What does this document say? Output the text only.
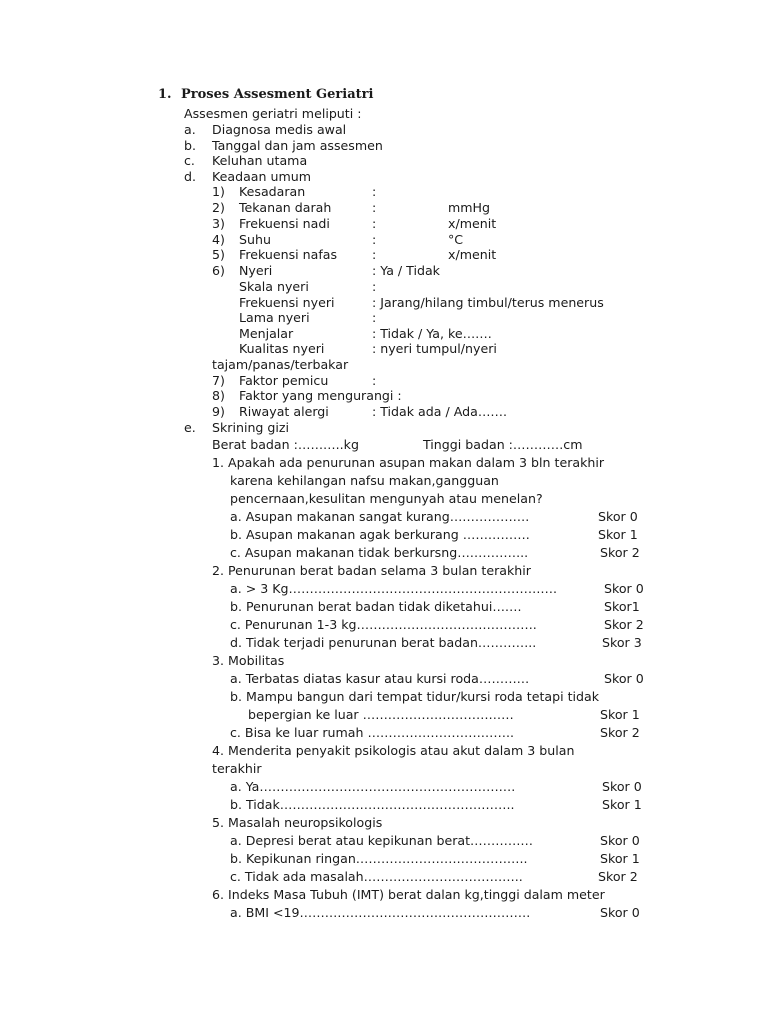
1. Proses Assesment Geriatri
Assesmen geriatri meliputi :
a. Diagnosa medis awal
b. Tanggal dan jam assesmen
c. Keluhan utama
d. Keadaan umum
1) Kesadaran	:
2) Tekanan darah	:	mmHg
3) Frekuensi nadi	:	x/menit
4) Suhu	:	°C
5) Frekuensi nafas	:	x/menit
6) Nyeri	: Ya / Tidak
Skala nyeri	:
Frekuensi nyeri	: Jarang/hilang timbul/terus menerus
Lama nyeri	:
Menjalar	: Tidak / Ya, ke…….
Kualitas nyeri	: nyeri tumpul/nyeri
tajam/panas/terbakar
7) Faktor pemicu	:
8) Faktor yang mengurangi :
9) Riwayat alergi	: Tidak ada / Ada…….
e. Skrining gizi
Berat badan :………..kg	Tinggi badan :…………cm
1. Apakah ada penurunan asupan makan dalam 3 bln terakhir
karena kehilangan nafsu makan,gangguan
pencernaan,kesulitan mengunyah atau menelan?
a. Asupan makanan sangat kurang……………….	Skor 0
b. Asupan makanan agak berkurang …………….	Skor 1
c. Asupan makanan tidak berkursng……………..	Skor 2
2. Penurunan berat badan selama 3 bulan terakhir
a. > 3 Kg……………………………………………………….	Skor 0
b. Penurunan berat badan tidak diketahui…….	Skor1
c. Penurunan 1-3 kg…………………………………….	Skor 2
d. Tidak terjadi penurunan berat badan…………..	Skor 3
3. Mobilitas
a. Terbatas diatas kasur atau kursi roda…………	Skor 0
b. Mampu bangun dari tempat tidur/kursi roda tetapi tidak
bepergian ke luar ………………………………	Skor 1
c. Bisa ke luar rumah ……………………………..	Skor 2
4. Menderita penyakit psikologis atau akut dalam 3 bulan
terakhir
a. Ya…………………………………………………….	Skor 0
b. Tidak………………………………………………..	Skor 1
5. Masalah neuropsikologis
a. Depresi berat atau kepikunan berat……………	Skor 0
b. Kepikunan ringan…………………………………..	Skor 1
c. Tidak ada masalah………………………………..	Skor 2
6. Indeks Masa Tubuh (IMT) berat dalan kg,tinggi dalam meter
a. BMI <19……………………………………………….	Skor 0
